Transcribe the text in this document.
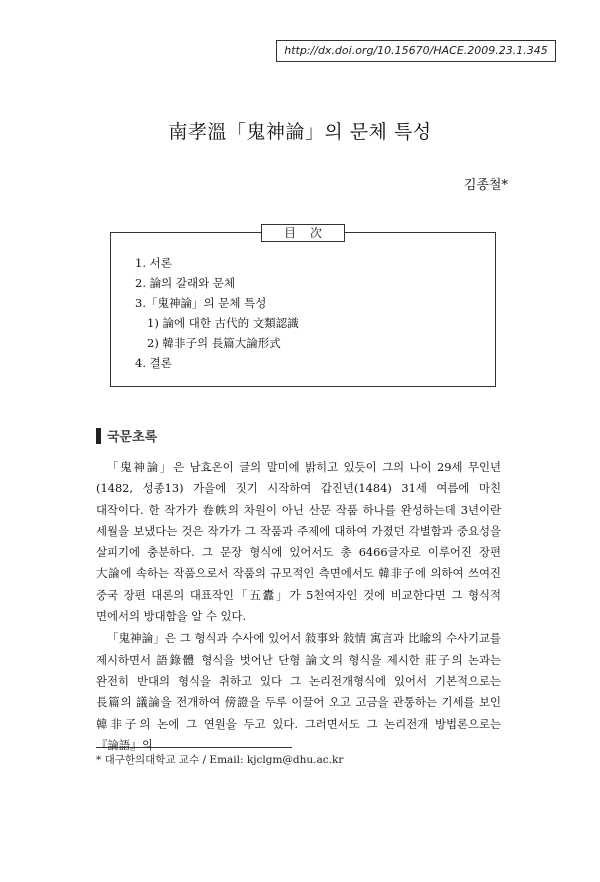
http://dx.doi.org/10.15670/HACE.2009.23.1.345
南孝溫「鬼神論」의 문체 특성
김종철*
目次
1. 서론
2. 論의 갈래와 문체
3.「鬼神論」의 문체 특성
1) 論에 대한 古代的 文類認識
2) 韓非子의 長篇大論形式
4. 결론
국문초록

「鬼神論」은 남효온이 글의 말미에 밝히고 있듯이 그의 나이 29세 무인년(1482, 성종13) 가을에 짓기 시작하여 갑진년(1484) 31세 여름에 마친 대작이다. 한 작가가 卷帙의 차원이 아닌 산문 작품 하나를 완성하는데 3년이란 세월을 보냈다는 것은 작가가 그 작품과 주제에 대하여 가졌던 각별함과 중요성을 살피기에 충분하다. 그 문장 형식에 있어서도 총 6466글자로 이루어진 장편 大論에 속하는 작품으로서 작품의 규모적인 측면에서도 韓非子에 의하여 쓰여진 중국 장편 대론의 대표작인「五蠹」가 5천여자인 것에 비교한다면 그 형식적 면에서의 방대함을 알 수 있다.

「鬼神論」은 그 형식과 수사에 있어서 敍事와 敍情 寓言과 比喩의 수사기교를 제시하면서 語錄體 형식을 벗어난 단형 論文의 형식을 제시한 莊子의 논과는 완전히 반대의 형식을 취하고 있다 그 논리전개형식에 있어서 기본적으로는 長篇의 議論을 전개하여 傍證을 두루 이끌어 오고 고금을 관통하는 기세를 보인 韓非子의 논에 그 연원을 두고 있다. 그러면서도 그 논리전개 방법론으로는『論語』의

* 대구한의대학교 교수 / Email: kjclgm@dhu.ac.kr
